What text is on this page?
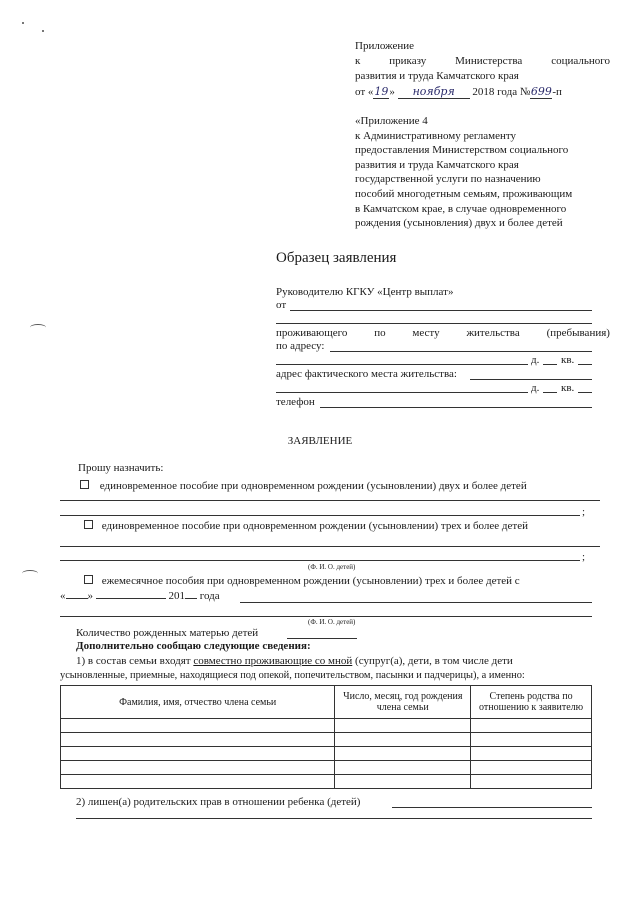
Приложение
к	приказу	Министерства	социального
развития и труда Камчатского края
от «19» ноября 2018 года №699-п
«Приложение 4
к Административному регламенту
предоставления Министерством социального
развития и труда Камчатского края
государственной услуги по назначению
пособий многодетным семьям, проживающим
в Камчатском крае, в случае одновременного
рождения (усыновления) двух и более детей
Образец заявления
Руководителю КГКУ «Центр выплат»
от
проживающего по месту жительства (пребывания)
по адресу:
д. кв.
адрес фактического места жительства:
д. кв.
телефон
ЗАЯВЛЕНИЕ
Прошу назначить:
единовременное пособие при одновременном рождении (усыновлении) двух и более детей
;
единовременное пособие при одновременном рождении (усыновлении) трех и более детей
;
(Ф. И. О. детей)
ежемесячное пособия при одновременном рождении (усыновлении) трех и более детей с
« »	201 года
(Ф. И. О. детей)
Количество рожденных матерью детей
Дополнительно сообщаю следующие сведения:
1) в состав семьи входят совместно проживающие со мной (супруг(а), дети, в том числе дети
усыновленные, приемные, находящиеся под опекой, попечительством, пасынки и падчерицы), а именно:
Фамилия, имя, отчество члена семьи	Число, месяц, год рождения члена семьи	Степень родства по отношению к заявителю

2) лишен(а) родительских прав в отношении ребенка (детей)
